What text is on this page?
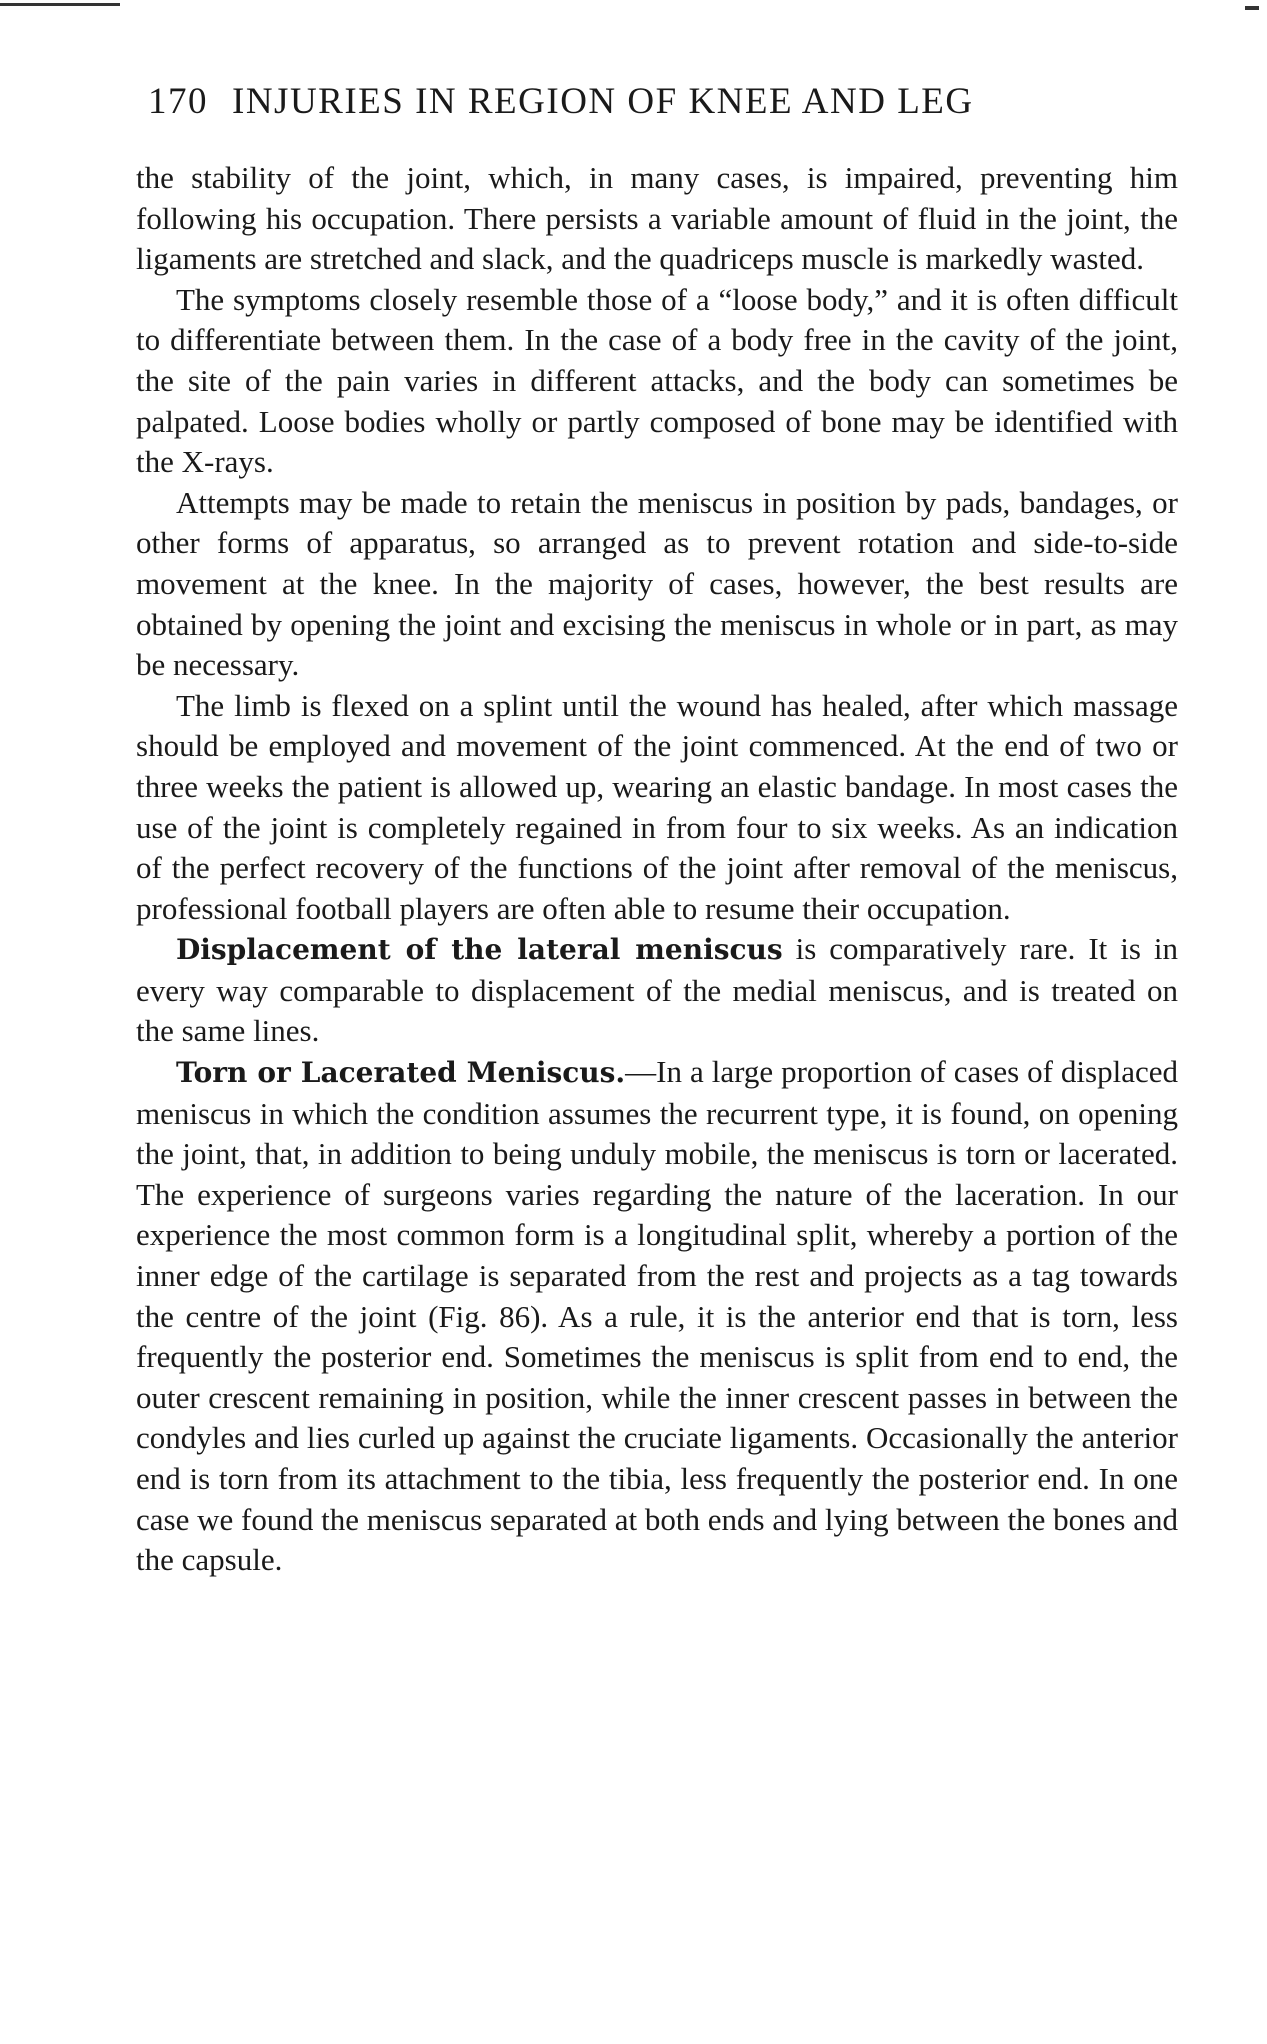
170 INJURIES IN REGION OF KNEE AND LEG

the stability of the joint, which, in many cases, is impaired, preventing him following his occupation. There persists a variable amount of fluid in the joint, the ligaments are stretched and slack, and the quadriceps muscle is markedly wasted.

The symptoms closely resemble those of a “loose body,” and it is often difficult to differentiate between them. In the case of a body free in the cavity of the joint, the site of the pain varies in different attacks, and the body can sometimes be palpated. Loose bodies wholly or partly composed of bone may be identified with the X-rays.

Attempts may be made to retain the meniscus in position by pads, bandages, or other forms of apparatus, so arranged as to prevent rotation and side-to-side movement at the knee. In the majority of cases, however, the best results are obtained by opening the joint and excising the meniscus in whole or in part, as may be necessary.

The limb is flexed on a splint until the wound has healed, after which massage should be employed and movement of the joint commenced. At the end of two or three weeks the patient is allowed up, wearing an elastic bandage. In most cases the use of the joint is completely regained in from four to six weeks. As an indication of the perfect recovery of the functions of the joint after removal of the meniscus, professional football players are often able to resume their occupation.

Displacement of the lateral meniscus is comparatively rare. It is in every way comparable to displacement of the medial meniscus, and is treated on the same lines.

Torn or Lacerated Meniscus.—In a large proportion of cases of displaced meniscus in which the condition assumes the recurrent type, it is found, on opening the joint, that, in addition to being unduly mobile, the meniscus is torn or lacerated. The experience of surgeons varies regarding the nature of the laceration. In our experience the most common form is a longitudinal split, whereby a portion of the inner edge of the cartilage is separated from the rest and projects as a tag towards the centre of the joint (Fig. 86). As a rule, it is the anterior end that is torn, less frequently the posterior end. Sometimes the meniscus is split from end to end, the outer crescent remaining in position, while the inner crescent passes in between the condyles and lies curled up against the cruciate ligaments. Occasionally the anterior end is torn from its attachment to the tibia, less frequently the posterior end. In one case we found the meniscus separated at both ends and lying between the bones and the capsule.
